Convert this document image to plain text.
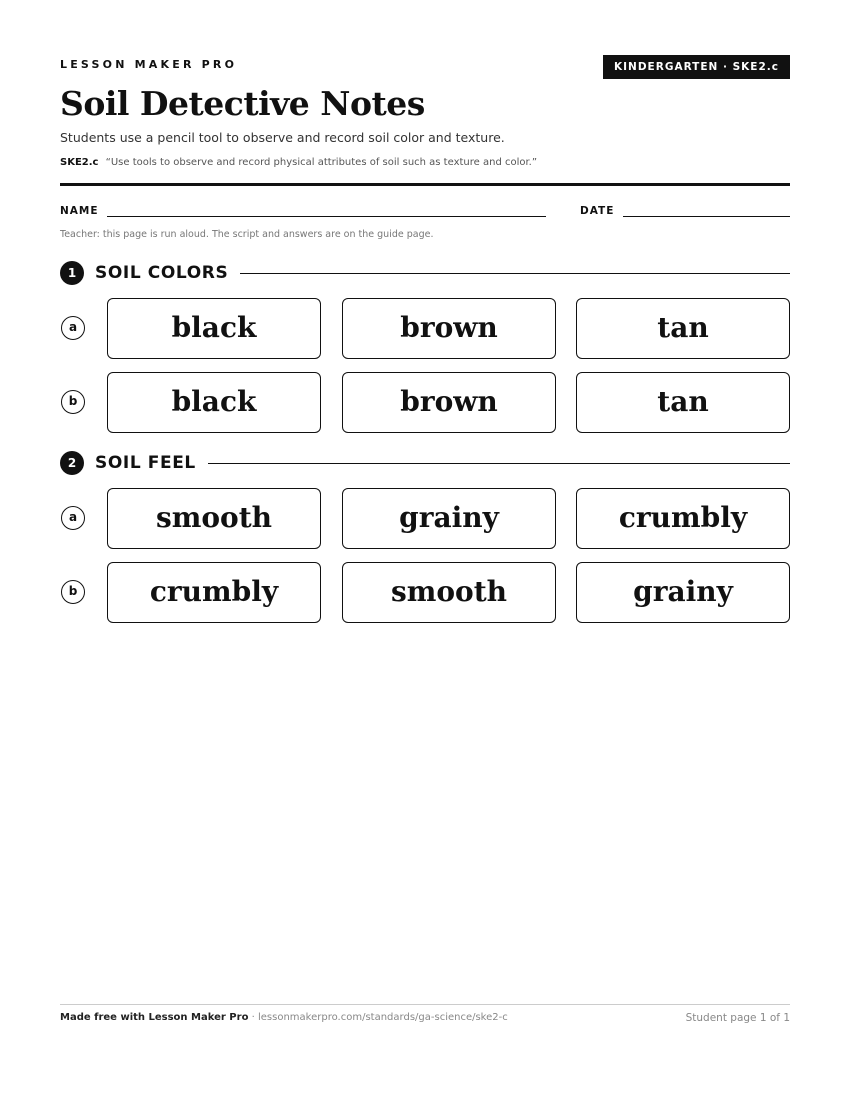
LESSON MAKER PRO	KINDERGARTEN · SKE2.c
Soil Detective Notes
Students use a pencil tool to observe and record soil color and texture.
SKE2.c “Use tools to observe and record physical attributes of soil such as texture and color.”
NAME	DATE
Teacher: this page is run aloud. The script and answers are on the guide page.
1	SOIL COLORS
a	black	brown	tan
b	black	brown	tan
2	SOIL FEEL
a	smooth	grainy	crumbly
b	crumbly	smooth	grainy
Made free with Lesson Maker Pro · lessonmakerpro.com/standards/ga-science/ske2-c	Student page 1 of 1
